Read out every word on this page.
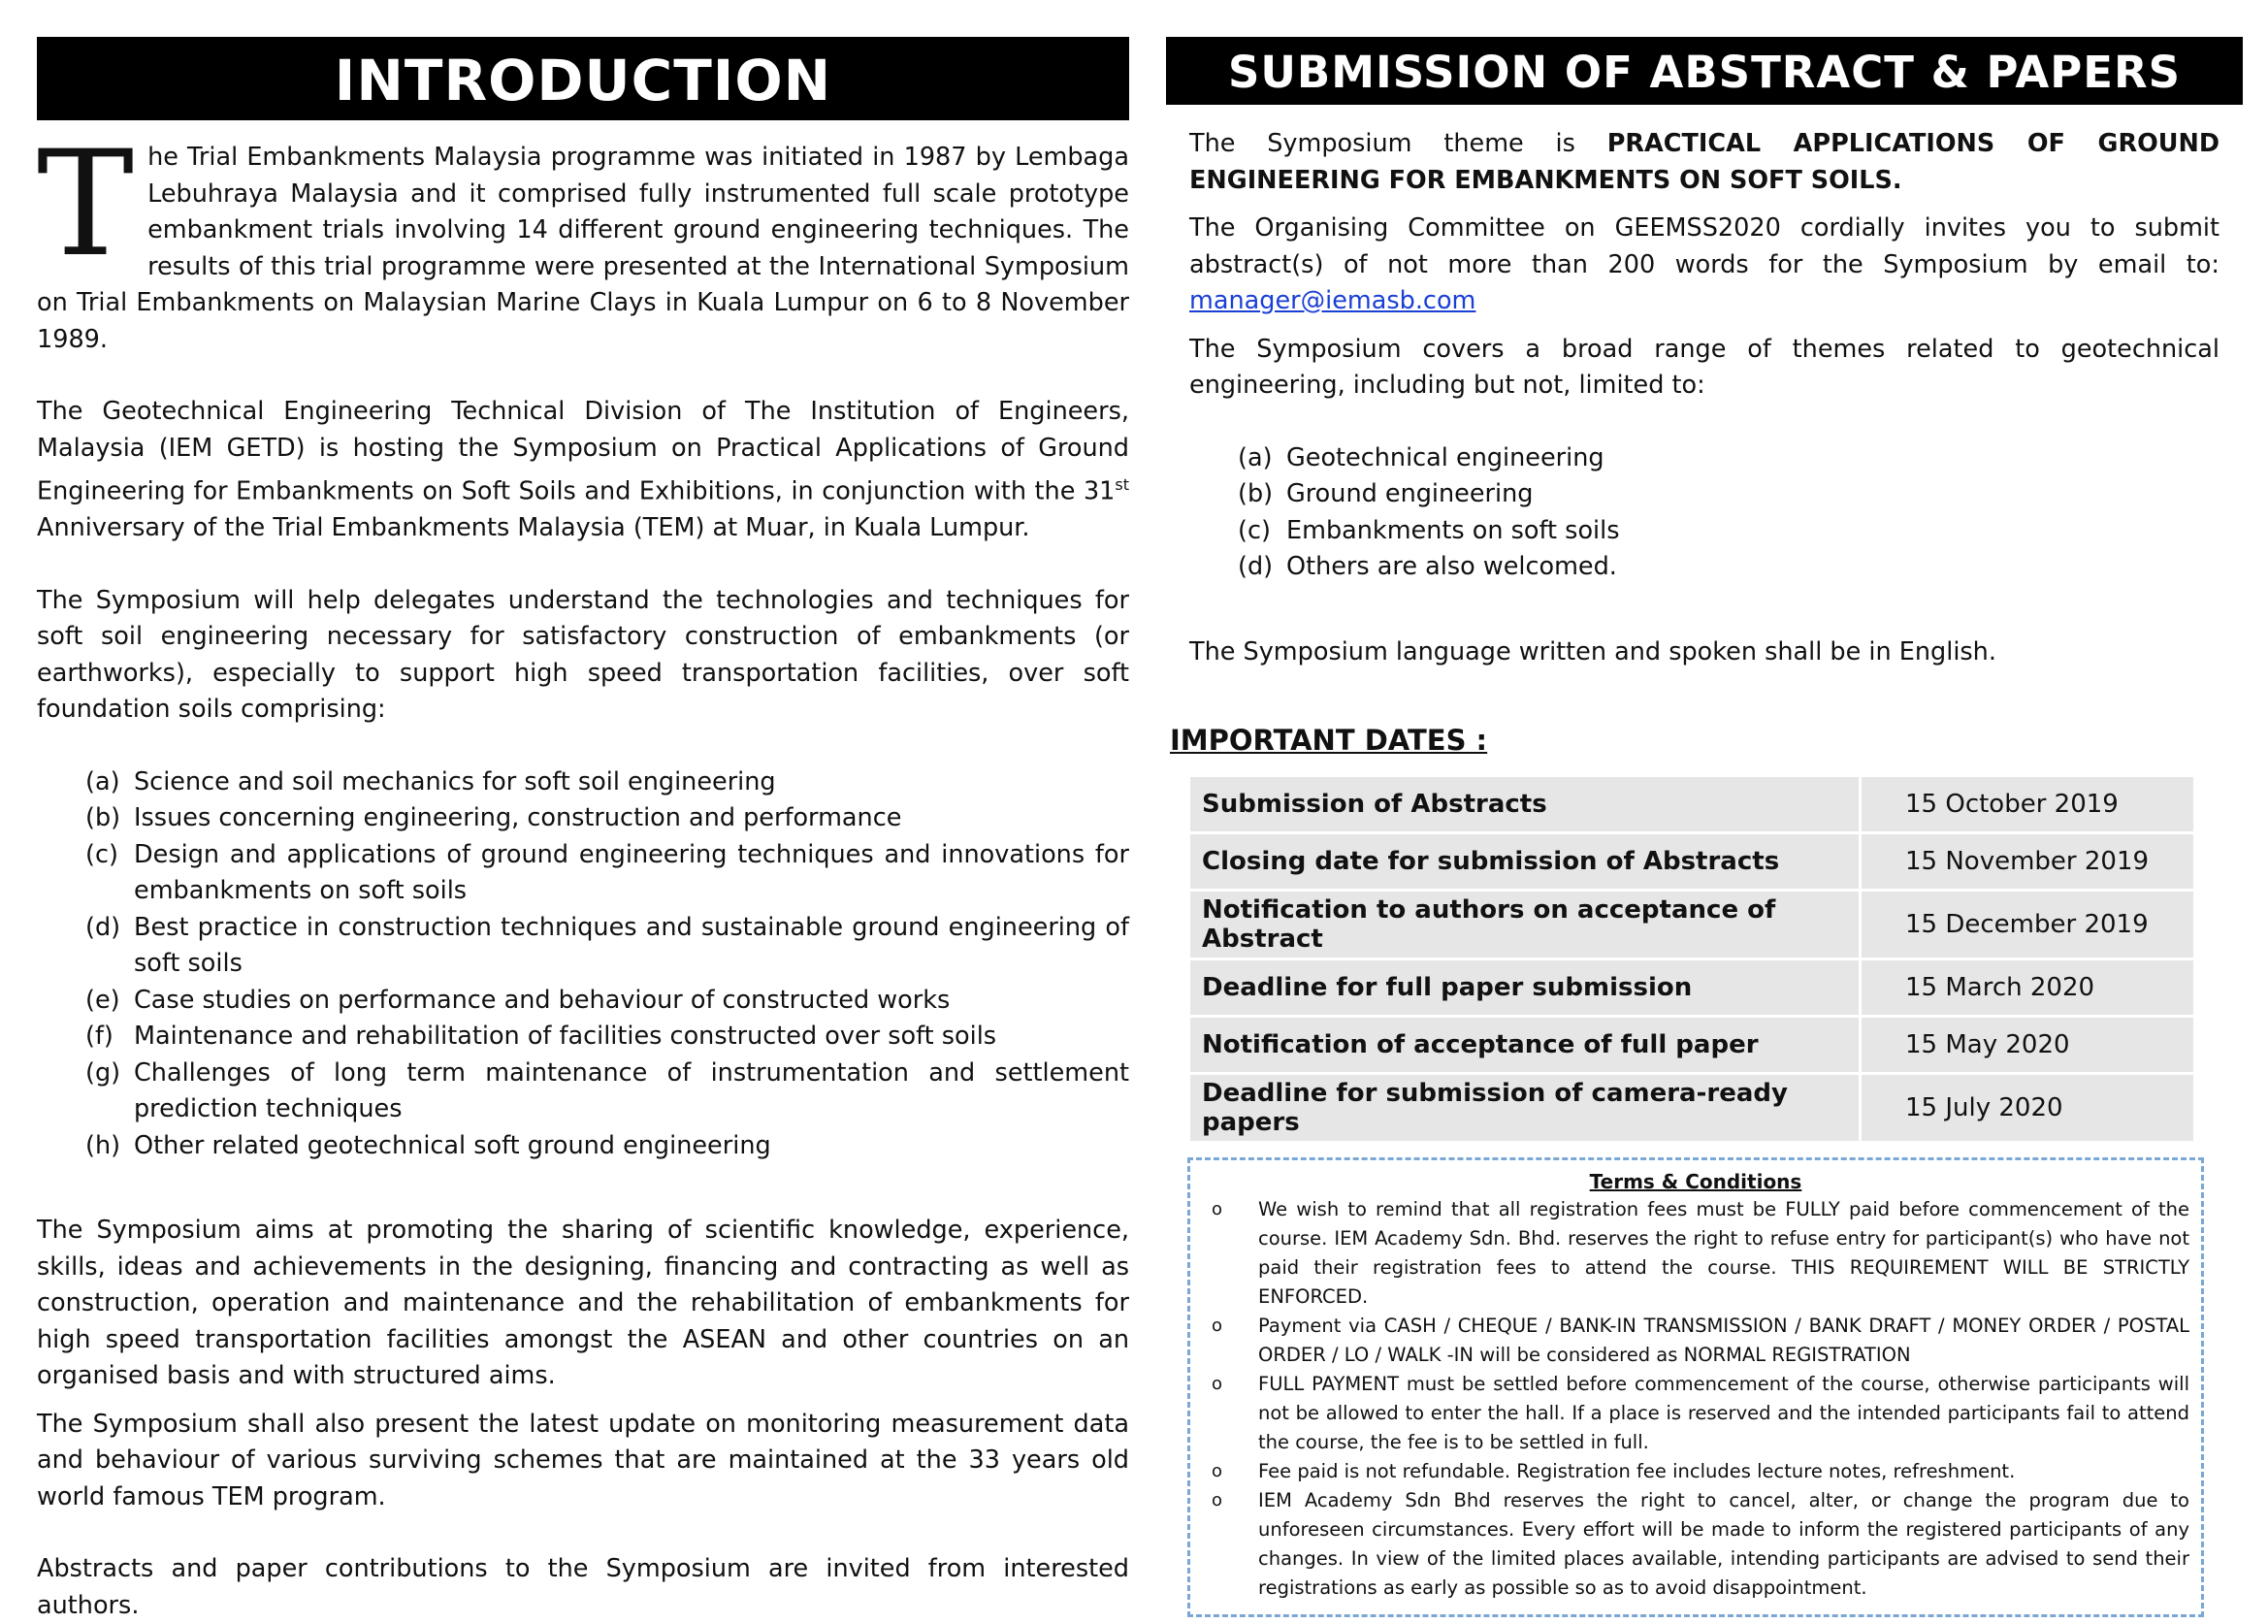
INTRODUCTION

The Trial Embankments Malaysia programme was initiated in 1987 by Lembaga Lebuhraya Malaysia and it comprised fully instrumented full scale prototype embankment trials involving 14 different ground engineering techniques. The results of this trial programme were presented at the International Symposium on Trial Embankments on Malaysian Marine Clays in Kuala Lumpur on 6 to 8 November 1989.

The Geotechnical Engineering Technical Division of The Institution of Engineers, Malaysia (IEM GETD) is hosting the Symposium on Practical Applications of Ground Engineering for Embankments on Soft Soils and Exhibitions, in conjunction with the 31st Anniversary of the Trial Embankments Malaysia (TEM) at Muar, in Kuala Lumpur.

The Symposium will help delegates understand the technologies and techniques for soft soil engineering necessary for satisfactory construction of embankments (or earthworks), especially to support high speed transportation facilities, over soft foundation soils comprising:

(a) Science and soil mechanics for soft soil engineering
(b) Issues concerning engineering, construction and performance
(c) Design and applications of ground engineering techniques and innovations for embankments on soft soils
(d) Best practice in construction techniques and sustainable ground engineering of soft soils
(e) Case studies on performance and behaviour of constructed works
(f) Maintenance and rehabilitation of facilities constructed over soft soils
(g) Challenges of long term maintenance of instrumentation and settlement prediction techniques
(h) Other related geotechnical soft ground engineering

The Symposium aims at promoting the sharing of scientific knowledge, experience, skills, ideas and achievements in the designing, financing and contracting as well as construction, operation and maintenance and the rehabilitation of embankments for high speed transportation facilities amongst the ASEAN and other countries on an organised basis and with structured aims.

The Symposium shall also present the latest update on monitoring measurement data and behaviour of various surviving schemes that are maintained at the 33 years old world famous TEM program.

Abstracts and paper contributions to the Symposium are invited from interested authors.

SUBMISSION OF ABSTRACT & PAPERS

The Symposium theme is PRACTICAL APPLICATIONS OF GROUND ENGINEERING FOR EMBANKMENTS ON SOFT SOILS.

The Organising Committee on GEEMSS2020 cordially invites you to submit abstract(s) of not more than 200 words for the Symposium by email to: manager@iemasb.com

The Symposium covers a broad range of themes related to geotechnical engineering, including but not, limited to:

(a) Geotechnical engineering
(b) Ground engineering
(c) Embankments on soft soils
(d) Others are also welcomed.

The Symposium language written and spoken shall be in English.

IMPORTANT DATES :
Submission of Abstracts	15 October 2019
Closing date for submission of Abstracts	15 November 2019
Notification to authors on acceptance of Abstract	15 December 2019
Deadline for full paper submission	15 March 2020
Notification of acceptance of full paper	15 May 2020
Deadline for submission of camera-ready papers	15 July 2020
Terms & Conditions
o	We wish to remind that all registration fees must be FULLY paid before commencement of the course. IEM Academy Sdn. Bhd. reserves the right to refuse entry for participant(s) who have not paid their registration fees to attend the course. THIS REQUIREMENT WILL BE STRICTLY ENFORCED.
o	Payment via CASH / CHEQUE / BANK-IN TRANSMISSION / BANK DRAFT / MONEY ORDER / POSTAL ORDER / LO / WALK -IN will be considered as NORMAL REGISTRATION
o	FULL PAYMENT must be settled before commencement of the course, otherwise participants will not be allowed to enter the hall. If a place is reserved and the intended participants fail to attend the course, the fee is to be settled in full.
o	Fee paid is not refundable. Registration fee includes lecture notes, refreshment.
o	IEM Academy Sdn Bhd reserves the right to cancel, alter, or change the program due to unforeseen circumstances. Every effort will be made to inform the registered participants of any changes. In view of the limited places available, intending participants are advised to send their registrations as early as possible so as to avoid disappointment.
